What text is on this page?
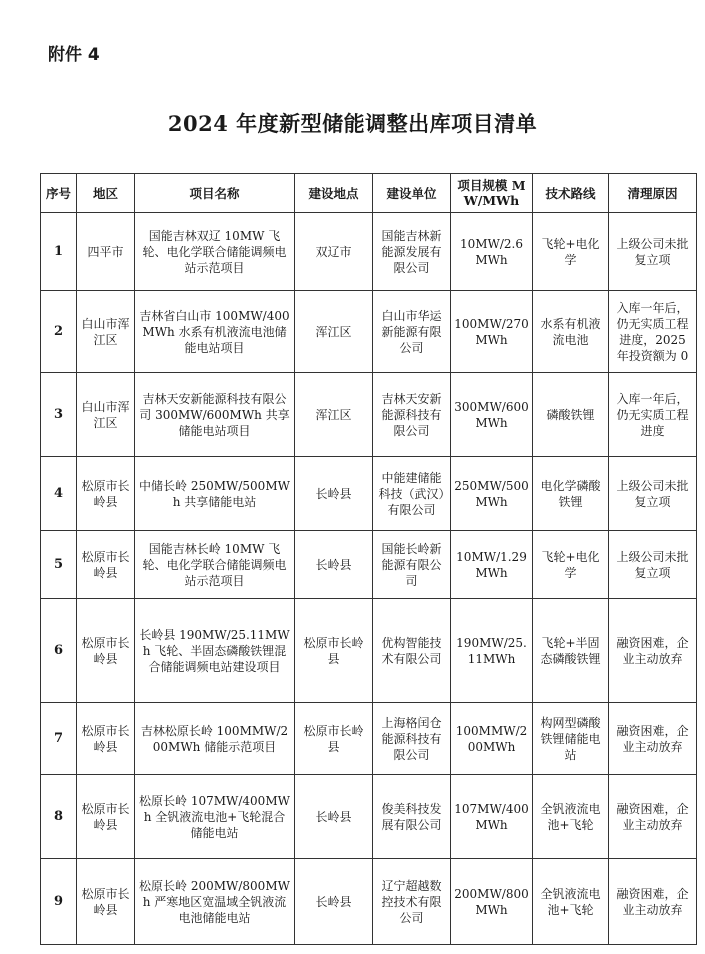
附件 4
2024 年度新型储能调整出库项目清单
序号	地区	项目名称	建设地点	建设单位	项目规模 MW/MWh	技术路线	清理原因
1	四平市	国能吉林双辽 10MW 飞轮、电化学联合储能调频电站示范项目	双辽市	国能吉林新能源发展有限公司	10MW/2.6MWh	飞轮+电化学	上级公司未批复立项
2	白山市浑江区	吉林省白山市 100MW/400MWh 水系有机液流电池储能电站项目	浑江区	白山市华运新能源有限公司	100MW/270MWh	水系有机液流电池	入库一年后，仍无实质工程进度，2025 年投资额为 0
3	白山市浑江区	吉林天安新能源科技有限公司 300MW/600MWh 共享储能电站项目	浑江区	吉林天安新能源科技有限公司	300MW/600MWh	磷酸铁锂	入库一年后，仍无实质工程进度
4	松原市长岭县	中储长岭 250MW/500MWh 共享储能电站	长岭县	中能建储能科技（武汉）有限公司	250MW/500MWh	电化学磷酸铁锂	上级公司未批复立项
5	松原市长岭县	国能吉林长岭 10MW 飞轮、电化学联合储能调频电站示范项目	长岭县	国能长岭新能源有限公司	10MW/1.29MWh	飞轮+电化学	上级公司未批复立项
6	松原市长岭县	长岭县 190MW/25.11MWh 飞轮、半固态磷酸铁锂混合储能调频电站建设项目	松原市长岭县	优构智能技术有限公司	190MW/25.11MWh	飞轮+半固态磷酸铁锂	融资困难，企业主动放弃
7	松原市长岭县	吉林松原长岭 100MMW/200MWh 储能示范项目	松原市长岭县	上海格闰仓能源科技有限公司	100MMW/200MWh	构网型磷酸铁锂储能电站	融资困难，企业主动放弃
8	松原市长岭县	松原长岭 107MW/400MWh 全钒液流电池+飞轮混合储能电站	长岭县	俊美科技发展有限公司	107MW/400MWh	全钒液流电池+飞轮	融资困难，企业主动放弃
9	松原市长岭县	松原长岭 200MW/800MWh 严寒地区宽温域全钒液流电池储能电站	长岭县	辽宁超越数控技术有限公司	200MW/800MWh	全钒液流电池+飞轮	融资困难，企业主动放弃
